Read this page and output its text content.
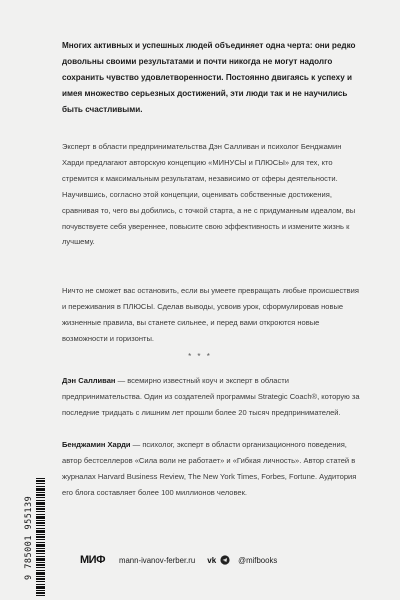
Многих активных и успешных людей объединяет одна черта: они редко довольны своими результатами и почти никогда не могут надолго сохранить чувство удовлетворенности. Постоянно двигаясь к успеху и имея множество серьезных достижений, эти люди так и не научились быть счастливыми.

Эксперт в области предпринимательства Дэн Салливан и психолог Бенджамин Харди предлагают авторскую концепцию «МИНУСЫ и ПЛЮСЫ» для тех, кто стремится к максимальным результатам, независимо от сферы деятельности. Научившись, согласно этой концепции, оценивать собственные достижения, сравнивая то, чего вы добились, с точкой старта, а не с придуманным идеалом, вы почувствуете себя увереннее, повысите свою эффективность и измените жизнь к лучшему.

Ничто не сможет вас остановить, если вы умеете превращать любые происшествия и переживания в ПЛЮСЫ. Сделав выводы, усвоив урок, сформулировав новые жизненные правила, вы станете сильнее, и перед вами откроются новые возможности и горизонты.

* * *

Дэн Салливан — всемирно известный коуч и эксперт в области предпринимательства. Один из создателей программы Strategic Coach®, которую за последние тридцать с лишним лет прошли более 20 тысяч предпринимателей.

Бенджамин Харди — психолог, эксперт в области организационного поведения, автор бестселлеров «Сила воли не работает» и «Гибкая личность». Автор статей в журналах Harvard Business Review, The New York Times, Forbes, Fortune. Аудитория его блога составляет более 100 миллионов человек.

9 785001 955139	МИФ mann-ivanov-ferber.ru vk	@mifbooks
